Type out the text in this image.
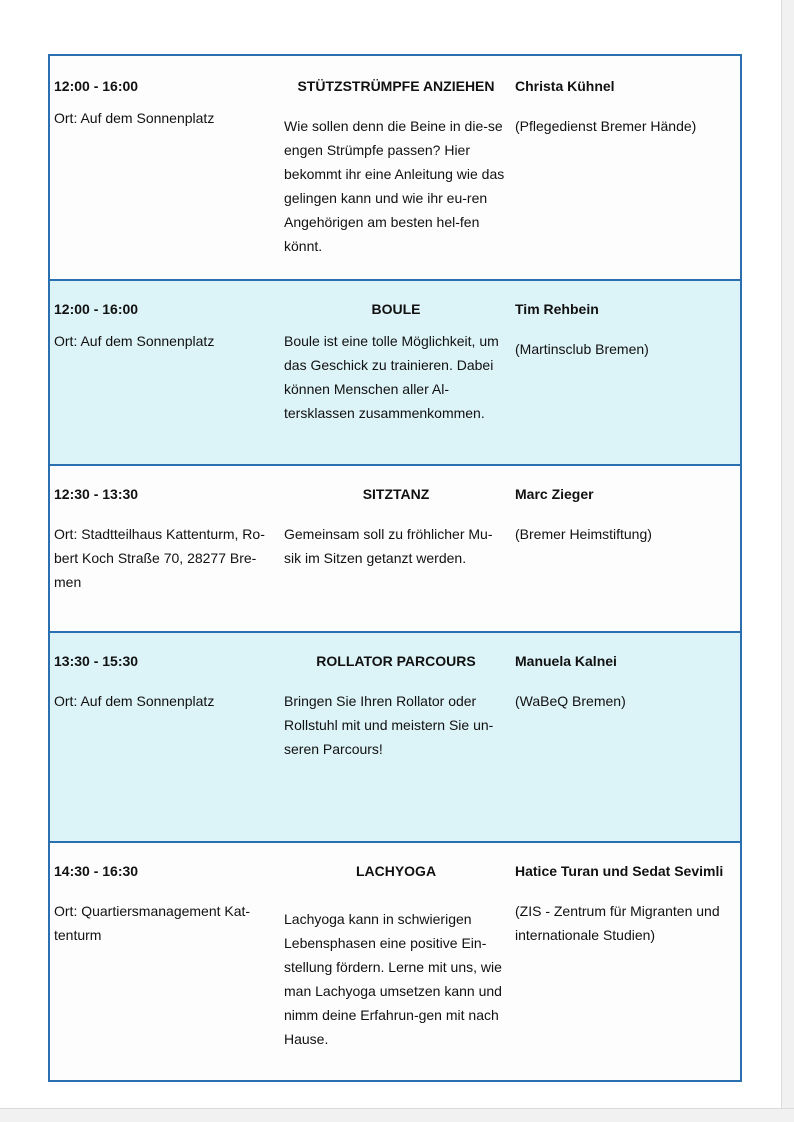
12:00 - 16:00
Ort: Auf dem Sonnenplatz
STÜTZSTRÜMPFE ANZIEHEN
Wie sollen denn die Beine in die-se engen Strümpfe passen? Hier bekommt ihr eine Anleitung wie das gelingen kann und wie ihr eu-ren Angehörigen am besten hel-fen könnt.
Christa Kühnel
(Pflegedienst Bremer Hände)
12:00 - 16:00
Ort: Auf dem Sonnenplatz
BOULE
Boule ist eine tolle Möglichkeit, um das Geschick zu trainieren. Dabei können Menschen aller Al-tersklassen zusammenkommen.
Tim Rehbein
(Martinsclub Bremen)
12:30 - 13:30
Ort: Stadtteilhaus Kattenturm, Ro-bert Koch Straße 70, 28277 Bre-men
SITZTANZ
Gemeinsam soll zu fröhlicher Mu-sik im Sitzen getanzt werden.
Marc Zieger
(Bremer Heimstiftung)
13:30 - 15:30
Ort: Auf dem Sonnenplatz
ROLLATOR PARCOURS
Bringen Sie Ihren Rollator oder Rollstuhl mit und meistern Sie un-seren Parcours!
Manuela Kalnei
(WaBeQ Bremen)
14:30 - 16:30
Ort: Quartiersmanagement Kat-tenturm
LACHYOGA
Lachyoga kann in schwierigen Lebensphasen eine positive Ein-stellung fördern. Lerne mit uns, wie man Lachyoga umsetzen kann und nimm deine Erfahrun-gen mit nach Hause.
Hatice Turan und Sedat Sevimli
(ZIS - Zentrum für Migranten und internationale Studien)
